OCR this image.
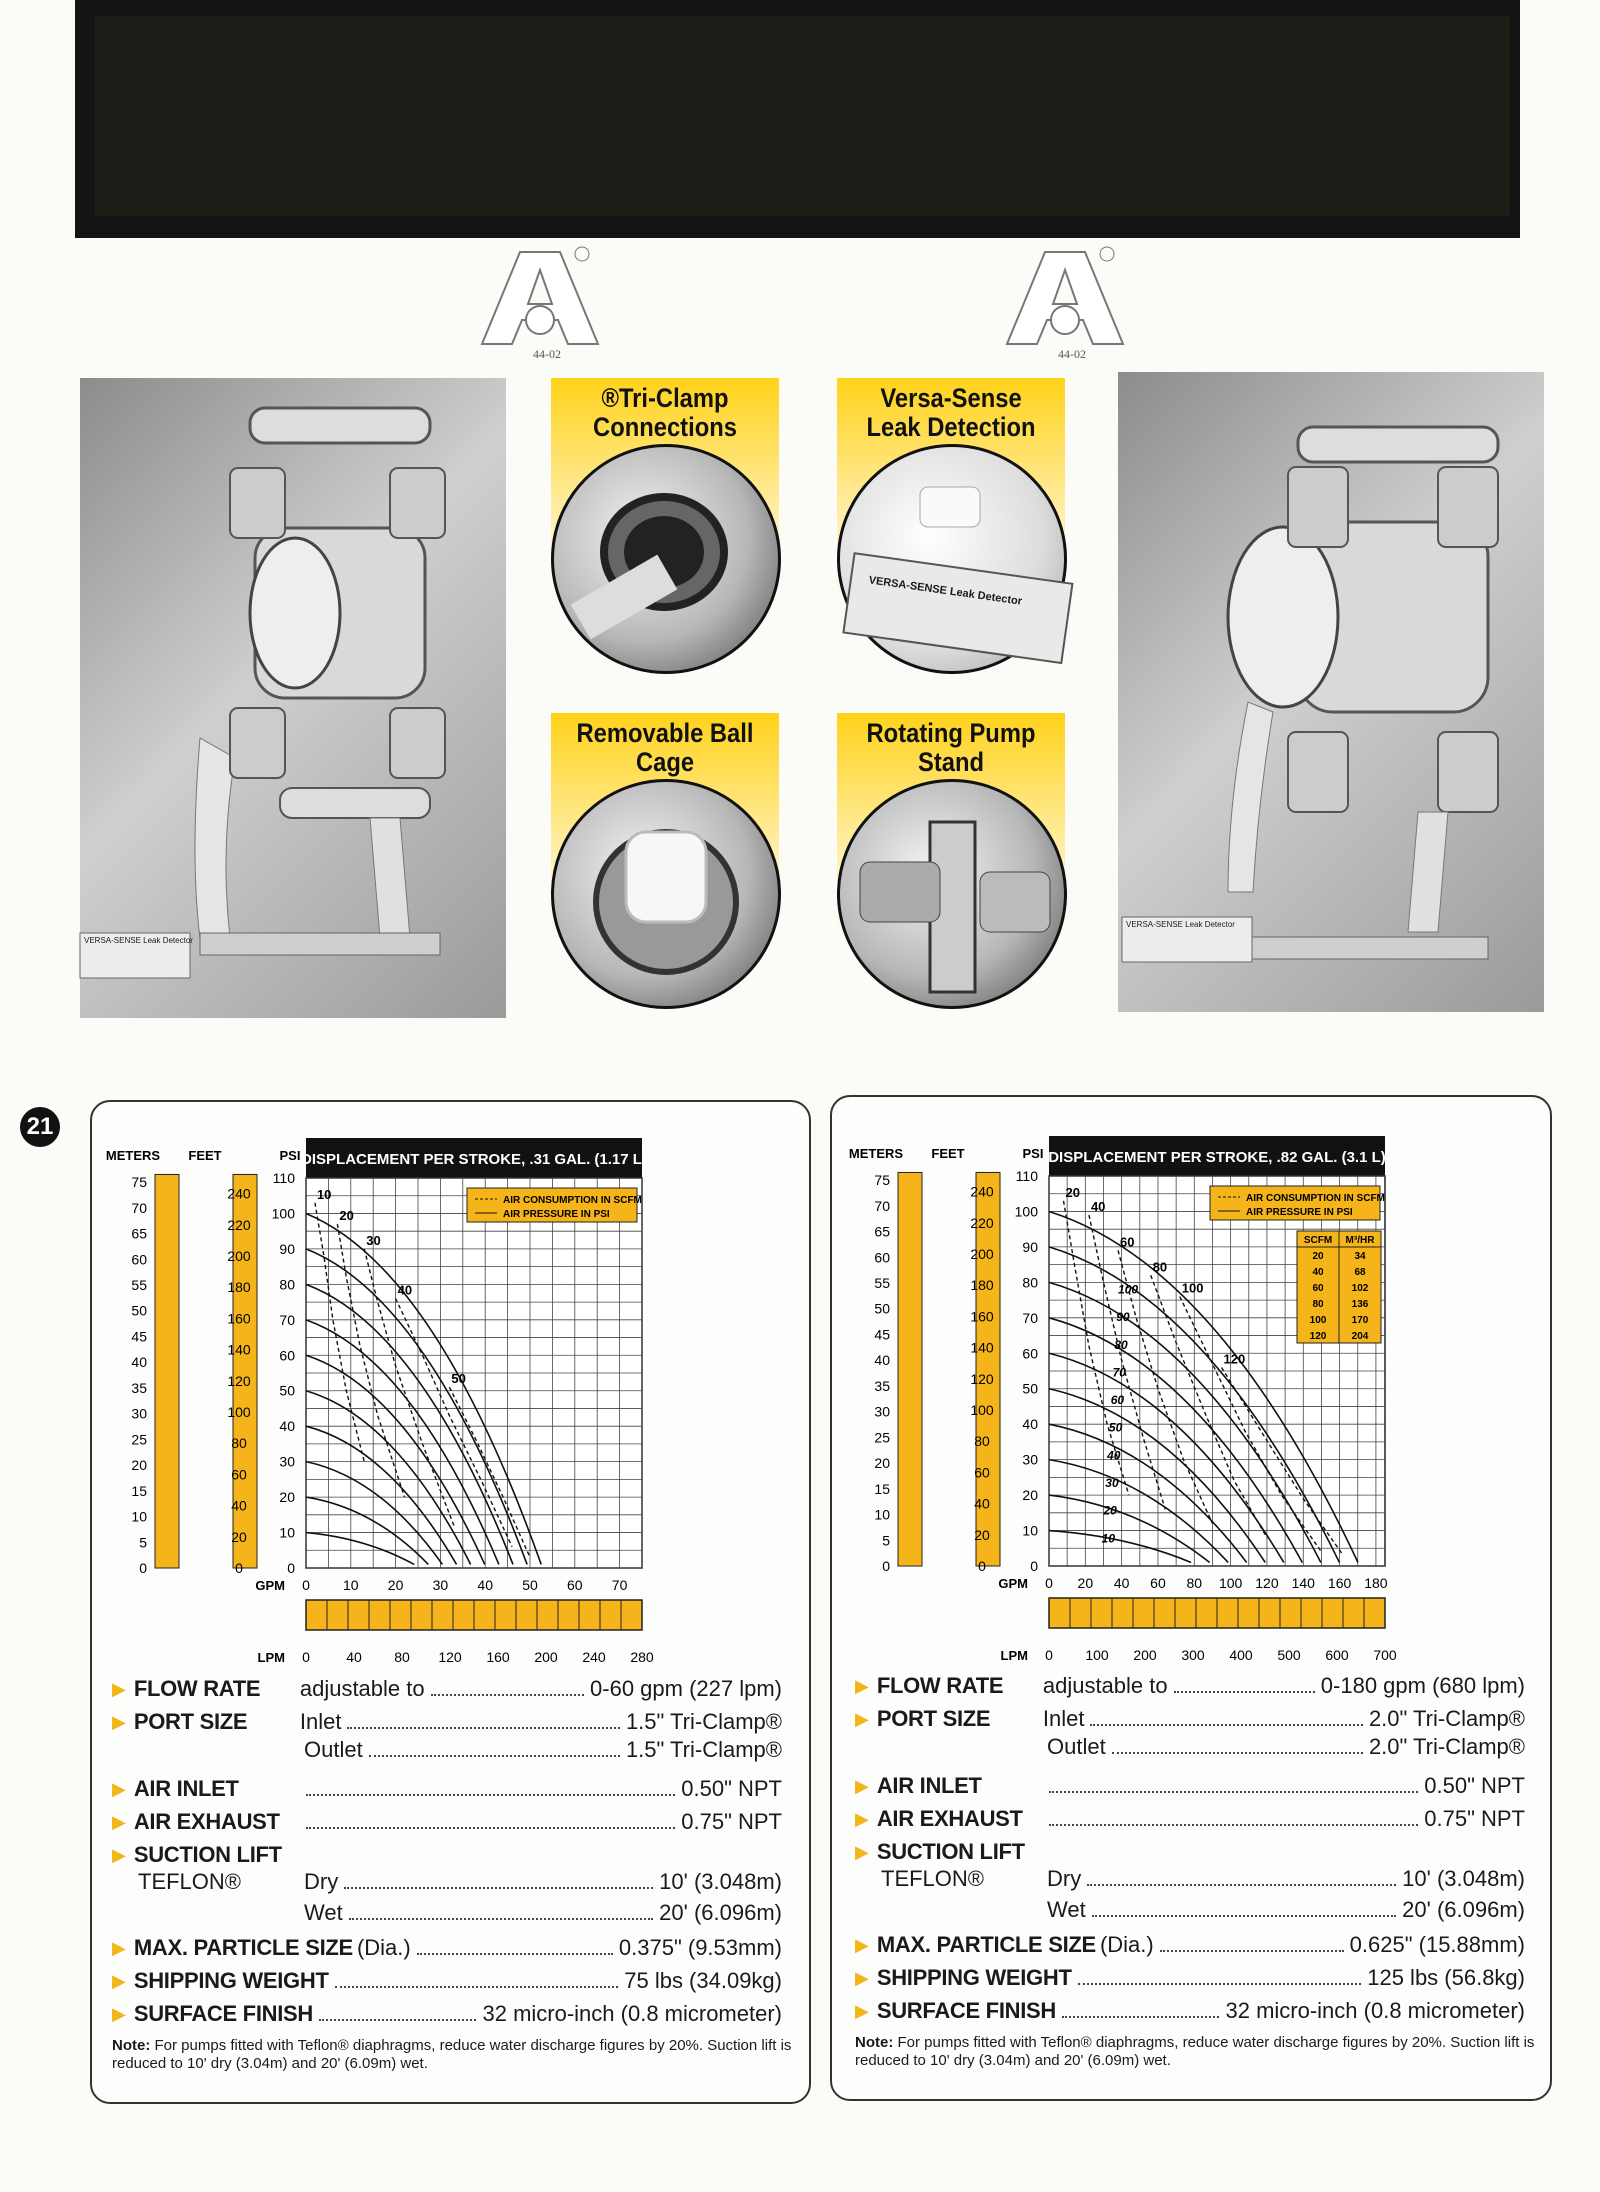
44-02	44-02
VERSA-SENSE Leak Detector
VERSA-SENSE Leak Detector
®Tri-Clamp Connections
Versa-Sense Leak Detection
VERSA-SENSE Leak Detector
Removable Ball Cage
Rotating Pump Stand
21
DISPLACEMENT PER STROKE, .31 GAL. (1.17 L)
METERS FEET	PSI
75
70
65
60
55
50
45
40
35
30
25
20
15
10
5
0
240
220
200
180
160
140
120
100
80
60
40
20
0
110
100
90
80
70
60
50
40
30
20
10
0
GPM 0 10 20 30 40 50 60 70
LPM 0	40 80 120 160 200 240 280
10
20
30
40
50
AIR CONSUMPTION IN SCFM
AIR PRESSURE IN PSI
DISPLACEMENT PER STROKE, .82 GAL. (3.1 L)
METERS FEET	PSI
75
70
65
60
55
50
45
40
35
30
25
20
15
10
5
0
240
220
200
180
160
140
120
100
80
60
40
20
0
110
100
90
80
70
60
50
40
30
20
10
0
GPM 0 20 40 60 80 100 120 140 160 180
LPM 0 100 200 300 400 500 600 700
20
40
60
80
100
120
100
90
80
70
60
50
40
30
20
10
AIR CONSUMPTION IN SCFM
AIR PRESSURE IN PSI
SCFM M³/HR
20	34
40	68
60	102
80	136
100	170
120	204
▶ FLOW RATE	adjustable to	0-60 gpm (227 lpm)
▶ PORT SIZE	Inlet	1.5" Tri-Clamp®
Outlet	1.5" Tri-Clamp®
▶ AIR INLET	0.50" NPT
▶ AIR EXHAUST	0.75" NPT
▶ SUCTION LIFT
TEFLON®	Dry	10' (3.048m)
Wet	20' (6.096m)
▶ MAX. PARTICLE SIZE (Dia.)	0.375" (9.53mm)
▶ SHIPPING WEIGHT	75 lbs (34.09kg)
▶ SURFACE FINISH	32 micro-inch (0.8 micrometer)
Note: For pumps fitted with Teflon® diaphragms, reduce water discharge figures by 20%. Suction lift is reduced to 10' dry (3.04m) and 20' (6.09m) wet.
▶ FLOW RATE	adjustable to	0-180 gpm (680 lpm)
▶ PORT SIZE	Inlet	2.0" Tri-Clamp®
Outlet	2.0" Tri-Clamp®
▶ AIR INLET	0.50" NPT
▶ AIR EXHAUST	0.75" NPT
▶ SUCTION LIFT
TEFLON®	Dry	10' (3.048m)
Wet	20' (6.096m)
▶ MAX. PARTICLE SIZE (Dia.)	0.625" (15.88mm)
▶ SHIPPING WEIGHT	125 lbs (56.8kg)
▶ SURFACE FINISH	32 micro-inch (0.8 micrometer)
Note: For pumps fitted with Teflon® diaphragms, reduce water discharge figures by 20%. Suction lift is reduced to 10' dry (3.04m) and 20' (6.09m) wet.
